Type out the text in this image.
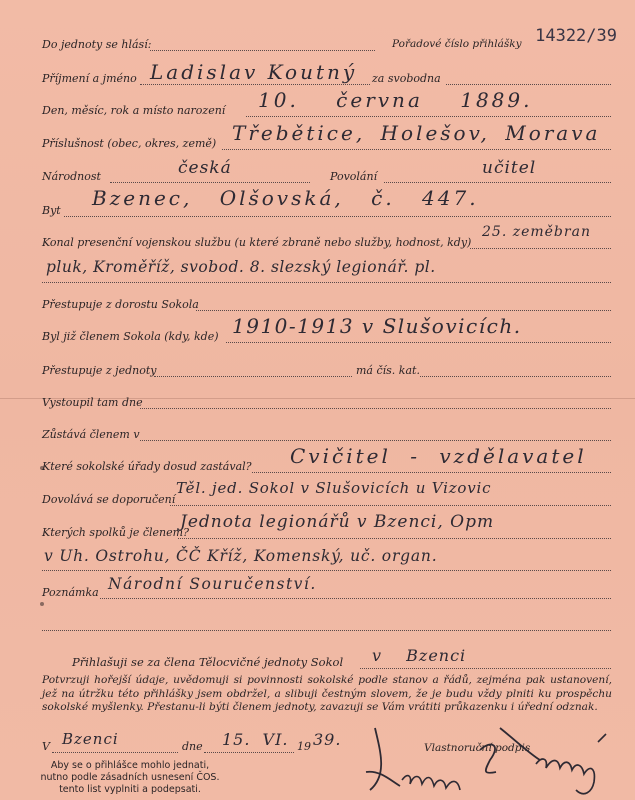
Do jednoty se hlásí:	Pořadové číslo přihlášky 14322/39
Příjmení a jméno Ladislav Koutný za svobodna
Den, měsíc, rok a místo narození 10. června 1889.
Příslušnost (obec, okres, země) Třebětice, Holešov, Morava
Národnost	česká	Povolání	učitel
Byt
Bzenec, Olšovská, č. 447.
Konal presenční vojenskou službu (u které zbraně nebo služby, hodnost, kdy)
25. zeměbran
pluk, Kroměříž, svobod. 8. slezský legionář. pl.
Přestupuje z dorostu Sokola
Byl již členem Sokola (kdy, kde) 1910-1913 v Slušovicích.
Přestupuje z jednoty	má čís. kat.
Vystoupil tam dne
Zůstává členem v
Které sokolské úřady dosud zastával? Cvičitel - vzdělavatel
Dovolává se doporučení
Těl. jed. Sokol v Slušovicích u Vizovic
Kterých spolků je členem?
Jednota legionářů v Bzenci, Opm
v Uh. Ostrohu, ČČ Kříž, Komenský, uč. organ.
Poznámka Národní Souručenství.
Přihlašuji se za člena Tělocvičné jednoty Sokol v Bzenci
Potvrzuji hořejší údaje, uvědomuji si povinnosti sokolské podle stanov a řádů, zejména pak ustanovení, jež na útržku této přihlášky jsem obdržel, a slibuji čestným slovem, že je budu vždy plniti ku prospěchu sokolské myšlenky. Přestanu-li býti členem jednoty, zavazuji se Vám vrátiti průkazenku i úřední odznak.
V Bzenci	dne 15. VI. 19 39.	Vlastnoruční podpis
Aby se o přihlášce mohlo jednati, nutno podle zásadních usnesení ČOS. tento list vyplniti a podepsati.
